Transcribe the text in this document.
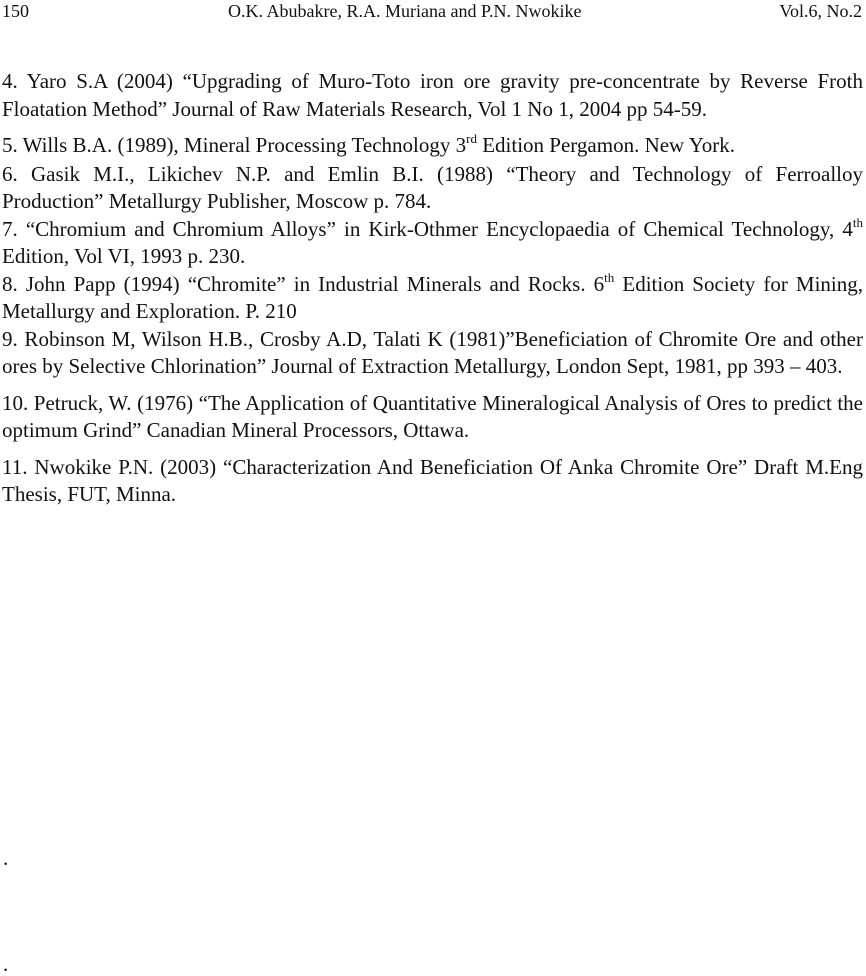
150	O.K. Abubakre, R.A. Muriana and P.N. Nwokike	Vol.6, No.2

4. Yaro S.A (2004) “Upgrading of Muro-Toto iron ore gravity pre-concentrate by Reverse Froth Floatation Method” Journal of Raw Materials Research, Vol 1 No 1, 2004 pp 54-59.

5. Wills B.A. (1989), Mineral Processing Technology 3rd Edition Pergamon. New York.

6. Gasik M.I., Likichev N.P. and Emlin B.I. (1988) “Theory and Technology of Ferroalloy Production” Metallurgy Publisher, Moscow p. 784.

7. “Chromium and Chromium Alloys” in Kirk-Othmer Encyclopaedia of Chemical Technology, 4th Edition, Vol VI, 1993 p. 230.

8. John Papp (1994) “Chromite” in Industrial Minerals and Rocks. 6th Edition Society for Mining, Metallurgy and Exploration. P. 210

9. Robinson M, Wilson H.B., Crosby A.D, Talati K (1981)”Beneficiation of Chromite Ore and other ores by Selective Chlorination” Journal of Extraction Metallurgy, London Sept, 1981, pp 393 – 403.

10. Petruck, W. (1976) “The Application of Quantitative Mineralogical Analysis of Ores to predict the optimum Grind” Canadian Mineral Processors, Ottawa.

11. Nwokike P.N. (2003) “Characterization And Beneficiation Of Anka Chromite Ore” Draft M.Eng Thesis, FUT, Minna.

.
.
